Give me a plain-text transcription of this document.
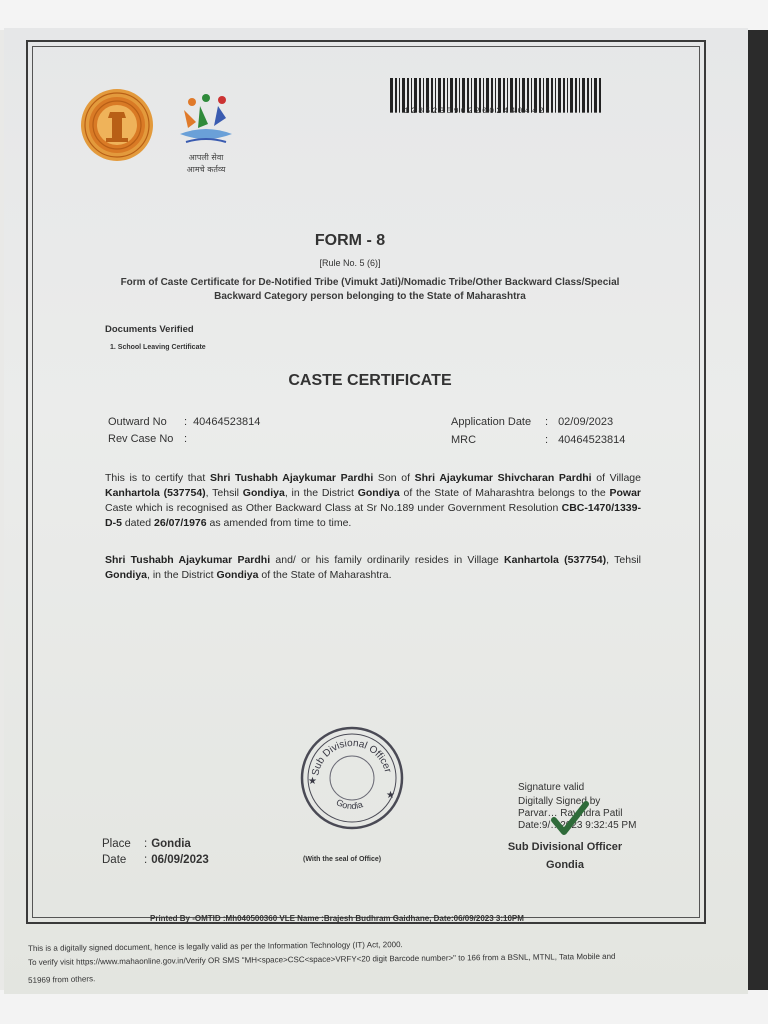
आपली सेवा
आमचे कर्तव्य
12852309022002440442
FORM - 8
[Rule No. 5 (6)]
Form of Caste Certificate for De-Notified Tribe (Vimukt Jati)/Nomadic Tribe/Other Backward Class/Special Backward Category person belonging to the State of Maharashtra
Documents Verified
1. School Leaving Certificate
CASTE CERTIFICATE
Outward No : 40464523814
Rev Case No :
Application Date : 02/09/2023
MRC	: 40464523814
This is to certify that Shri Tushabh Ajaykumar Pardhi Son of Shri Ajaykumar Shivcharan Pardhi of Village Kanhartola (537754), Tehsil Gondiya, in the District Gondiya of the State of Maharashtra belongs to the Powar Caste which is recognised as Other Backward Class at Sr No.189 under Government Resolution CBC-1470/1339-D-5 dated 26/07/1976 as amended from time to time.
Shri Tushabh Ajaykumar Pardhi and/ or his family ordinarily resides in Village Kanhartola (537754), Tehsil Gondiya, in the District Gondiya of the State of Maharashtra.
Sub Divisional Officer
Gondia
★
★
Signature valid
Digitally Signed by
Parvar… Ravindra Patil
Date:9/…2023 9:32:45 PM
Sub Divisional Officer
Gondia
Place : Gondia
Date : 06/09/2023	(With the seal of Office)
Printed By -OMTID :Mh040500360 VLE Name :Brajesh Budhram Gaidhane, Date:06/09/2023 3:10PM
This is a digitally signed document, hence is legally valid as per the Information Technology (IT) Act, 2000.
To verify visit https://www.mahaonline.gov.in/Verify OR SMS "MH<space>CSC<space>VRFY<20 digit Barcode number>" to 166 from a BSNL, MTNL, Tata Mobile and
51969 from others.
